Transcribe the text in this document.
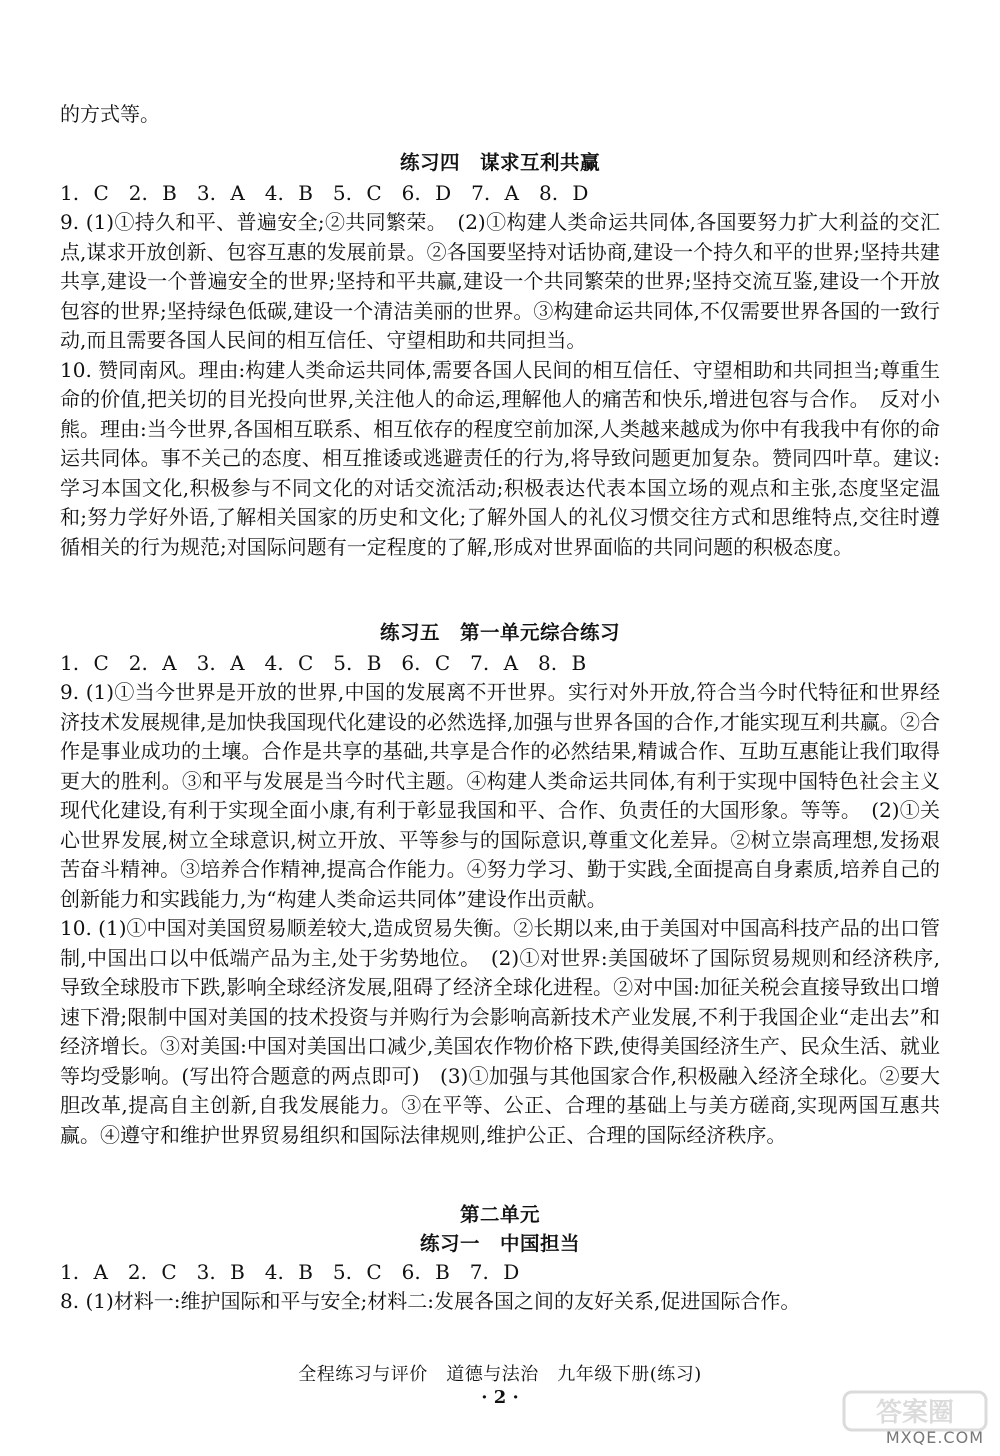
的方式等。

练习四　谋求互利共赢

1. C　2. B　3. A　4. B　5. C　6. D　7. A　8. D

9. (1)①持久和平、普遍安全;②共同繁荣。　(2)①构建人类命运共同体,各国要努力扩大利益的交汇点,谋求开放创新、包容互惠的发展前景。②各国要坚持对话协商,建设一个持久和平的世界;坚持共建共享,建设一个普遍安全的世界;坚持和平共赢,建设一个共同繁荣的世界;坚持交流互鉴,建设一个开放包容的世界;坚持绿色低碳,建设一个清洁美丽的世界。③构建命运共同体,不仅需要世界各国的一致行动,而且需要各国人民间的相互信任、守望相助和共同担当。

10. 赞同南风。理由:构建人类命运共同体,需要各国人民间的相互信任、守望相助和共同担当;尊重生命的价值,把关切的目光投向世界,关注他人的命运,理解他人的痛苦和快乐,增进包容与合作。　反对小熊。理由:当今世界,各国相互联系、相互依存的程度空前加深,人类越来越成为你中有我我中有你的命运共同体。事不关己的态度、相互推诿或逃避责任的行为,将导致问题更加复杂。赞同四叶草。建议:学习本国文化,积极参与不同文化的对话交流活动;积极表达代表本国立场的观点和主张,态度坚定温和;努力学好外语,了解相关国家的历史和文化;了解外国人的礼仪习惯交往方式和思维特点,交往时遵循相关的行为规范;对国际问题有一定程度的了解,形成对世界面临的共同问题的积极态度。

练习五　第一单元综合练习

1. C　2. A　3. A　4. C　5. B　6. C　7. A　8. B

9. (1)①当今世界是开放的世界,中国的发展离不开世界。实行对外开放,符合当今时代特征和世界经济技术发展规律,是加快我国现代化建设的必然选择,加强与世界各国的合作,才能实现互利共赢。②合作是事业成功的土壤。合作是共享的基础,共享是合作的必然结果,精诚合作、互助互惠能让我们取得更大的胜利。③和平与发展是当今时代主题。④构建人类命运共同体,有利于实现中国特色社会主义现代化建设,有利于实现全面小康,有利于彰显我国和平、合作、负责任的大国形象。等等。　(2)①关心世界发展,树立全球意识,树立开放、平等参与的国际意识,尊重文化差异。②树立崇高理想,发扬艰苦奋斗精神。③培养合作精神,提高合作能力。④努力学习、勤于实践,全面提高自身素质,培养自己的创新能力和实践能力,为“构建人类命运共同体”建设作出贡献。

10. (1)①中国对美国贸易顺差较大,造成贸易失衡。②长期以来,由于美国对中国高科技产品的出口管制,中国出口以中低端产品为主,处于劣势地位。　(2)①对世界:美国破坏了国际贸易规则和经济秩序,导致全球股市下跌,影响全球经济发展,阻碍了经济全球化进程。②对中国:加征关税会直接导致出口增速下滑;限制中国对美国的技术投资与并购行为会影响高新技术产业发展,不利于我国企业“走出去”和经济增长。③对美国:中国对美国出口减少,美国农作物价格下跌,使得美国经济生产、民众生活、就业等均受影响。(写出符合题意的两点即可)　(3)①加强与其他国家合作,积极融入经济全球化。②要大胆改革,提高自主创新,自我发展能力。③在平等、公正、合理的基础上与美方磋商,实现两国互惠共赢。④遵守和维护世界贸易组织和国际法律规则,维护公正、合理的国际经济秩序。

第二单元

练习一　中国担当

1. A　2. C　3. B　4. B　5. C　6. B　7. D

8. (1)材料一:维护国际和平与安全;材料二:发展各国之间的友好关系,促进国际合作。

全程练习与评价　道德与法治　九年级下册(练习)
· 2 ·
答案圈
MXQE.COM
